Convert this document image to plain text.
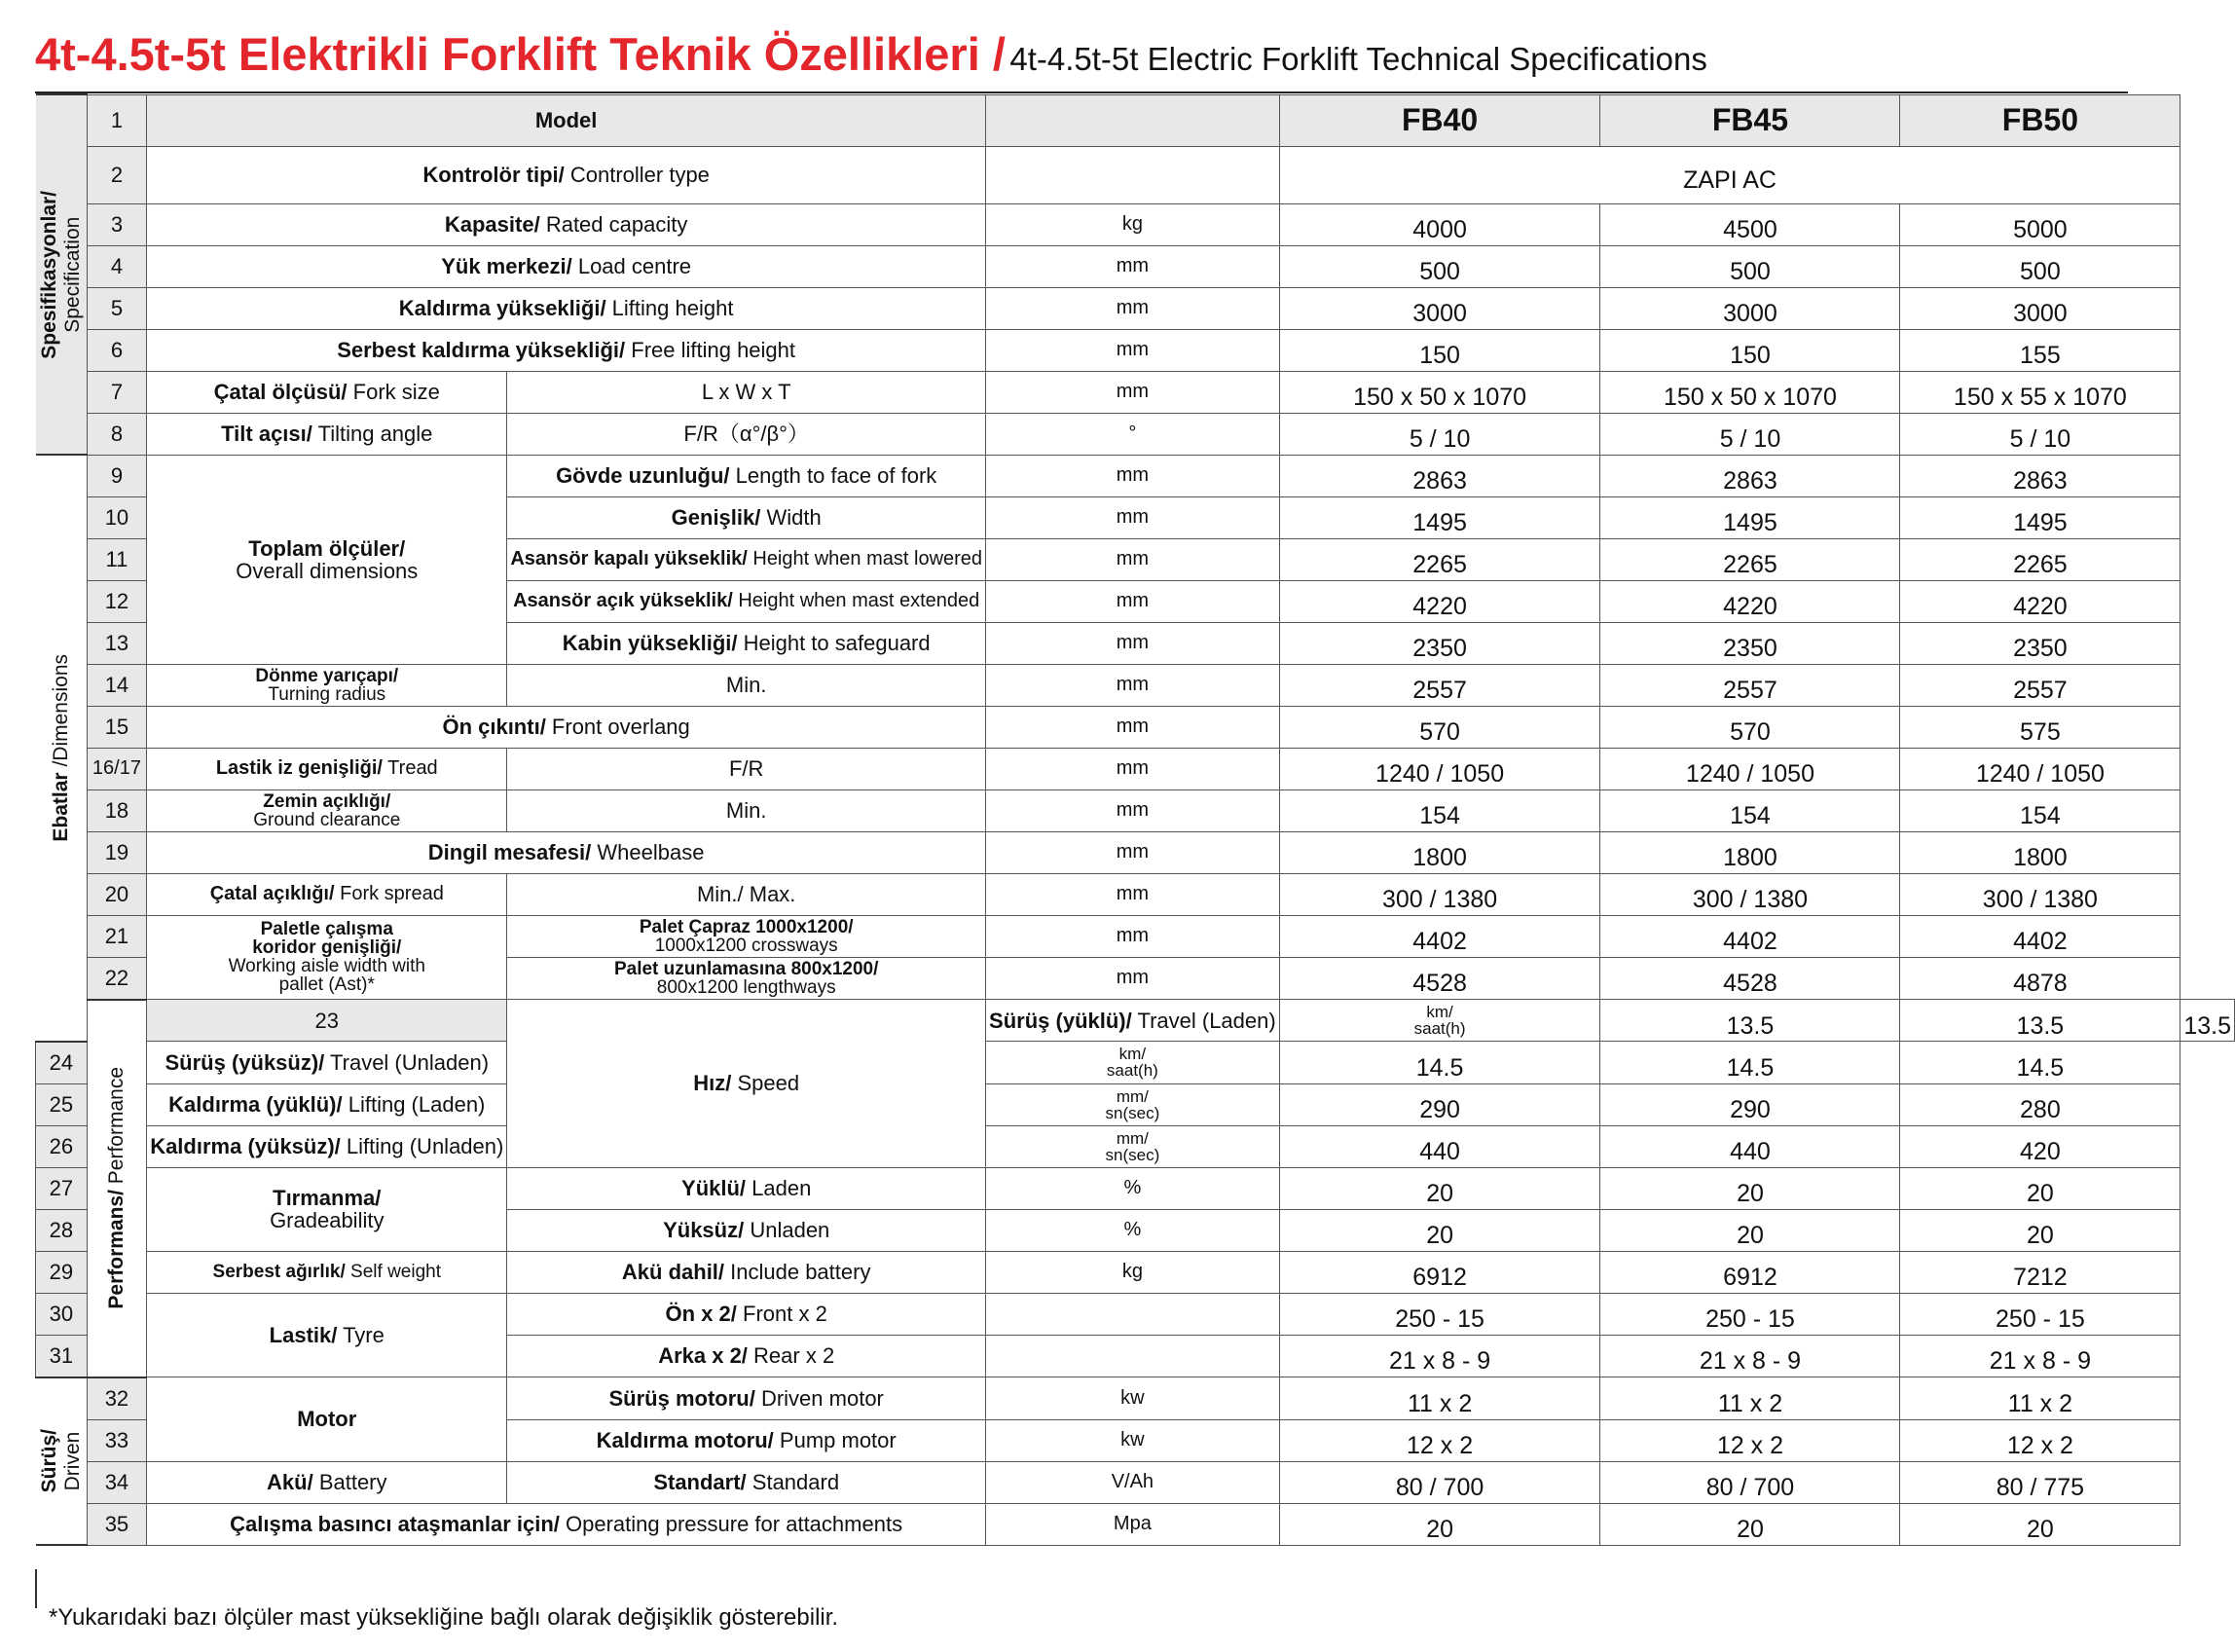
4t-4.5t-5t Elektrikli Forklift Teknik Özellikleri / 4t-4.5t-5t Electric Forklift Technical Specifications
Spesifikasyonlar/
Specification	1	Model			FB40	FB45	FB50	
	2	Kontrolör tipi/ Controller type			ZAPI AC			
	3	Kapasite/ Rated capacity		kg	4000	4500	5000	
	4	Yük merkezi/ Load centre		mm	500	500	500	
	5	Kaldırma yüksekliği/ Lifting height		mm	3000	3000	3000	
	6	Serbest kaldırma yüksekliği/ Free lifting height		mm	150	150	155	
	7	Çatal ölçüsü/ Fork size	L x W x T	mm	150 x 50 x 1070	150 x 50 x 1070	150 x 55 x 1070	
	8	Tilt açısı/ Tilting angle	F/R（α°/β°）	°	5 / 10	5 / 10	5 / 10	

Ebatlar /Dimensions	9	Toplam ölçüler/
Overall dimensions	Gövde uzunluğu/ Length to face of fork	mm	2863	2863	2863	
	10		Genişlik/ Width	mm	1495	1495	1495	
	11		Asansör kapalı yükseklik/ Height when mast lowered	mm	2265	2265	2265	
	12		Asansör açık yükseklik/ Height when mast extended	mm	4220	4220	4220	
	13		Kabin yüksekliği/ Height to safeguard	mm	2350	2350	2350	
	14	Dönme yarıçapı/
Turning radius	Min.	mm	2557	2557	2557	
	15	Ön çıkıntı/ Front overlang		mm	570	570	575	
	16/17	Lastik iz genişliği/ Tread	F/R	mm	1240 / 1050	1240 / 1050	1240 / 1050	
	18	Zemin açıklığı/
Ground clearance	Min.	mm	154	154	154	
	19	Dingil mesafesi/ Wheelbase		mm	1800	1800	1800	
	20	Çatal açıklığı/ Fork spread	Min./ Max.	mm	300 / 1380	300 / 1380	300 / 1380	
	21	Paletle çalışma
koridor genişliği/
Working aisle width with
pallet (Ast)*	Palet Çapraz 1000x1200/
1000x1200 crossways	mm	4402	4402	4402	
	22		Palet uzunlamasına 800x1200/
800x1200 lengthways	mm	4528	4528	4878	

	Performans/ Performance	23	Hız/ Speed	Sürüş (yüklü)/ Travel (Laden)	km/
saat(h)	13.5	13.5	13.5
24		Sürüş (yüksüz)/ Travel (Unladen)		km/
saat(h)	14.5	14.5	14.5	
25		Kaldırma (yüklü)/ Lifting (Laden)		mm/
sn(sec)	290	290	280	
26		Kaldırma (yüksüz)/ Lifting (Unladen)		mm/
sn(sec)	440	440	420	
27		Tırmanma/
Gradeability	Yüklü/ Laden	%	20	20	20	
28			Yüksüz/ Unladen	%	20	20	20	
29		Serbest ağırlık/ Self weight	Akü dahil/ Include battery	kg	6912	6912	7212	
30		Lastik/ Tyre	Ön x 2/ Front x 2		250 - 15	250 - 15	250 - 15	
31			Arka x 2/ Rear x 2		21 x 8 - 9	21 x 8 - 9	21 x 8 - 9	

Sürüş/
Driven	32	Motor	Sürüş motoru/ Driven motor	kw	11 x 2	11 x 2	11 x 2	
	33		Kaldırma motoru/ Pump motor	kw	12 x 2	12 x 2	12 x 2	
	34	Akü/ Battery	Standart/ Standard	V/Ah	80 / 700	80 / 700	80 / 775	
	35	Çalışma basıncı ataşmanlar için/ Operating pressure for attachments		Mpa	20	20	20	
*Yukarıdaki bazı ölçüler mast yüksekliğine bağlı olarak değişiklik gösterebilir.
